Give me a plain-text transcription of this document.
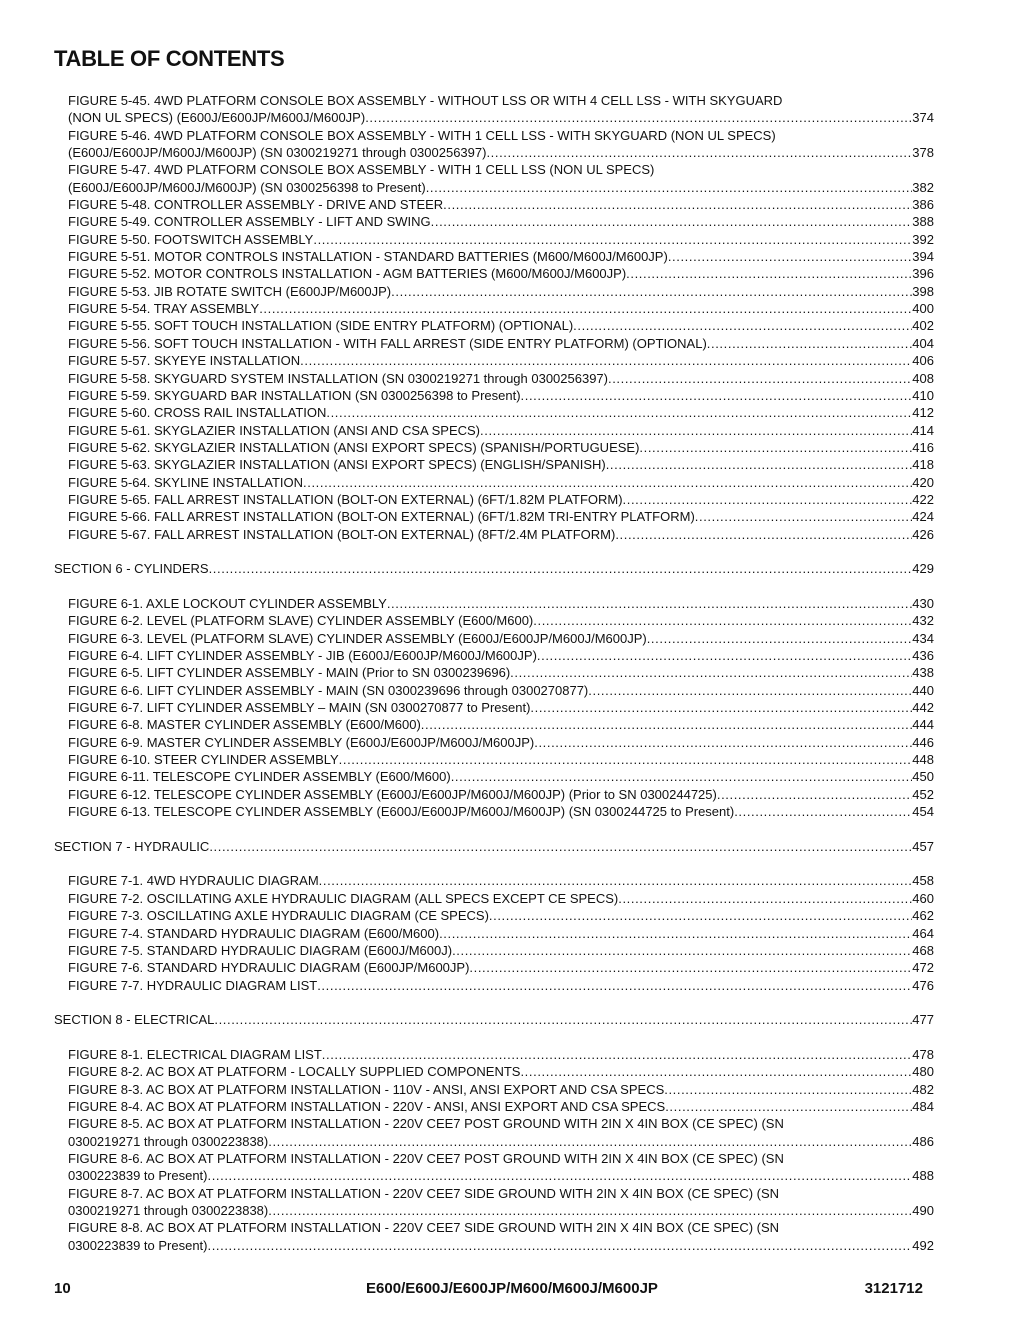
TABLE OF CONTENTS
FIGURE 5-45. 4WD PLATFORM CONSOLE BOX ASSEMBLY - WITHOUT LSS OR WITH 4 CELL LSS - WITH SKYGUARD
(NON UL SPECS) (E600J/E600JP/M600J/M600JP) .....	374
FIGURE 5-46. 4WD PLATFORM CONSOLE BOX ASSEMBLY - WITH 1 CELL LSS - WITH SKYGUARD (NON UL SPECS)
(E600J/E600JP/M600J/M600JP) (SN 0300219271 through 0300256397) .....	378
FIGURE 5-47. 4WD PLATFORM CONSOLE BOX ASSEMBLY - WITH 1 CELL LSS (NON UL SPECS)
(E600J/E600JP/M600J/M600JP) (SN 0300256398 to Present) .....	382
FIGURE 5-48. CONTROLLER ASSEMBLY - DRIVE AND STEER .....	386
FIGURE 5-49. CONTROLLER ASSEMBLY - LIFT AND SWING .....	388
FIGURE 5-50. FOOTSWITCH ASSEMBLY .....	392
FIGURE 5-51. MOTOR CONTROLS INSTALLATION - STANDARD BATTERIES (M600/M600J/M600JP) .....	394
FIGURE 5-52. MOTOR CONTROLS INSTALLATION - AGM BATTERIES (M600/M600J/M600JP) .....	396
FIGURE 5-53. JIB ROTATE SWITCH (E600JP/M600JP) .....	398
FIGURE 5-54. TRAY ASSEMBLY .....	400
FIGURE 5-55. SOFT TOUCH INSTALLATION (SIDE ENTRY PLATFORM) (OPTIONAL) .....	402
FIGURE 5-56. SOFT TOUCH INSTALLATION - WITH FALL ARREST (SIDE ENTRY PLATFORM) (OPTIONAL) .....	404
FIGURE 5-57. SKYEYE INSTALLATION .....	406
FIGURE 5-58. SKYGUARD SYSTEM INSTALLATION (SN 0300219271 through 0300256397) .....	408
FIGURE 5-59. SKYGUARD BAR INSTALLATION (SN 0300256398 to Present) .....	410
FIGURE 5-60. CROSS RAIL INSTALLATION .....	412
FIGURE 5-61. SKYGLAZIER INSTALLATION (ANSI AND CSA SPECS) .....	414
FIGURE 5-62. SKYGLAZIER INSTALLATION (ANSI EXPORT SPECS) (SPANISH/PORTUGUESE) .....	416
FIGURE 5-63. SKYGLAZIER INSTALLATION (ANSI EXPORT SPECS) (ENGLISH/SPANISH) .....	418
FIGURE 5-64. SKYLINE INSTALLATION .....	420
FIGURE 5-65. FALL ARREST INSTALLATION (BOLT-ON EXTERNAL) (6FT/1.82M PLATFORM) .....	422
FIGURE 5-66. FALL ARREST INSTALLATION (BOLT-ON EXTERNAL) (6FT/1.82M TRI-ENTRY PLATFORM) .....	424
FIGURE 5-67. FALL ARREST INSTALLATION (BOLT-ON EXTERNAL) (8FT/2.4M PLATFORM) .....	426
SECTION 6 - CYLINDERS .....	429
FIGURE 6-1. AXLE LOCKOUT CYLINDER ASSEMBLY .....	430
FIGURE 6-2. LEVEL (PLATFORM SLAVE) CYLINDER ASSEMBLY (E600/M600) .....	432
FIGURE 6-3. LEVEL (PLATFORM SLAVE) CYLINDER ASSEMBLY (E600J/E600JP/M600J/M600JP) .....	434
FIGURE 6-4. LIFT CYLINDER ASSEMBLY - JIB (E600J/E600JP/M600J/M600JP) .....	436
FIGURE 6-5. LIFT CYLINDER ASSEMBLY - MAIN (Prior to SN 0300239696) .....	438
FIGURE 6-6. LIFT CYLINDER ASSEMBLY - MAIN (SN 0300239696 through 0300270877) .....	440
FIGURE 6-7. LIFT CYLINDER ASSEMBLY – MAIN (SN 0300270877 to Present) .....	442
FIGURE 6-8. MASTER CYLINDER ASSEMBLY (E600/M600) .....	444
FIGURE 6-9. MASTER CYLINDER ASSEMBLY (E600J/E600JP/M600J/M600JP) .....	446
FIGURE 6-10. STEER CYLINDER ASSEMBLY .....	448
FIGURE 6-11. TELESCOPE CYLINDER ASSEMBLY (E600/M600) .....	450
FIGURE 6-12. TELESCOPE CYLINDER ASSEMBLY (E600J/E600JP/M600J/M600JP) (Prior to SN 0300244725) .....	452
FIGURE 6-13. TELESCOPE CYLINDER ASSEMBLY (E600J/E600JP/M600J/M600JP) (SN 0300244725 to Present) .....	454
SECTION 7 - HYDRAULIC .....	457
FIGURE 7-1. 4WD HYDRAULIC DIAGRAM .....	458
FIGURE 7-2. OSCILLATING AXLE HYDRAULIC DIAGRAM (ALL SPECS EXCEPT CE SPECS) .....	460
FIGURE 7-3. OSCILLATING AXLE HYDRAULIC DIAGRAM (CE SPECS) .....	462
FIGURE 7-4. STANDARD HYDRAULIC DIAGRAM (E600/M600) .....	464
FIGURE 7-5. STANDARD HYDRAULIC DIAGRAM (E600J/M600J) .....	468
FIGURE 7-6. STANDARD HYDRAULIC DIAGRAM (E600JP/M600JP) .....	472
FIGURE 7-7. HYDRAULIC DIAGRAM LIST .....	476
SECTION 8 - ELECTRICAL .....	477
FIGURE 8-1. ELECTRICAL DIAGRAM LIST .....	478
FIGURE 8-2. AC BOX AT PLATFORM - LOCALLY SUPPLIED COMPONENTS .....	480
FIGURE 8-3. AC BOX AT PLATFORM INSTALLATION - 110V - ANSI, ANSI EXPORT AND CSA SPECS .....	482
FIGURE 8-4. AC BOX AT PLATFORM INSTALLATION - 220V - ANSI, ANSI EXPORT AND CSA SPECS .....	484
FIGURE 8-5. AC BOX AT PLATFORM INSTALLATION - 220V CEE7 POST GROUND WITH 2IN X 4IN BOX (CE SPEC) (SN
0300219271 through 0300223838) .....	486
FIGURE 8-6. AC BOX AT PLATFORM INSTALLATION - 220V CEE7 POST GROUND WITH 2IN X 4IN BOX (CE SPEC) (SN
0300223839 to Present) .....	488
FIGURE 8-7. AC BOX AT PLATFORM INSTALLATION - 220V CEE7 SIDE GROUND WITH 2IN X 4IN BOX (CE SPEC) (SN
0300219271 through 0300223838) .....	490
FIGURE 8-8. AC BOX AT PLATFORM INSTALLATION - 220V CEE7 SIDE GROUND WITH 2IN X 4IN BOX (CE SPEC) (SN
0300223839 to Present) .....	492
10	E600/E600J/E600JP/M600/M600J/M600JP	3121712
